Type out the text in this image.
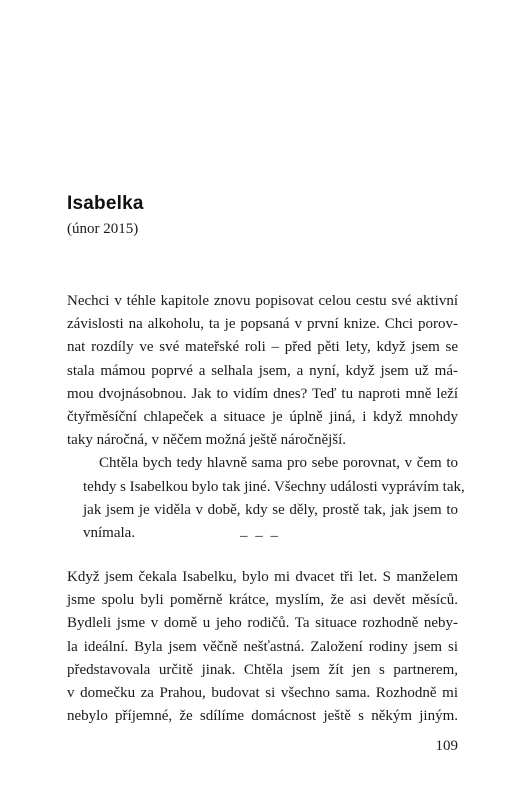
Isabelka
(únor 2015)

Nechci v téhle kapitole znovu popisovat celou cestu své aktivní
závislosti na alkoholu, ta je popsaná v první knize. Chci porov-
nat rozdíly ve své mateřské roli – před pěti lety, když jsem se
stala mámou poprvé a selhala jsem, a nyní, když jsem už má-
mou dvojnásobnou. Jak to vidím dnes? Teď tu naproti mně leží
čtyřměsíční chlapeček a situace je úplně jiná, i když mnohdy
taky náročná, v něčem možná ještě náročnější.

Chtěla bych tedy hlavně sama pro sebe porovnat, v čem to
tehdy s Isabelkou bylo tak jiné. Všechny události vyprávím tak,
jak jsem je viděla v době, kdy se děly, prostě tak, jak jsem to
vnímala.	– – –

Když jsem čekala Isabelku, bylo mi dvacet tři let. S manželem
jsme spolu byli poměrně krátce, myslím, že asi devět měsíců.
Bydleli jsme v domě u jeho rodičů. Ta situace rozhodně neby-
la ideální. Byla jsem věčně nešťastná. Založení rodiny jsem si
představovala určitě jinak. Chtěla jsem žít jen s partnerem,
v domečku za Prahou, budovat si všechno sama. Rozhodně mi
nebylo příjemné, že sdílíme domácnost ještě s někým jiným.

109
